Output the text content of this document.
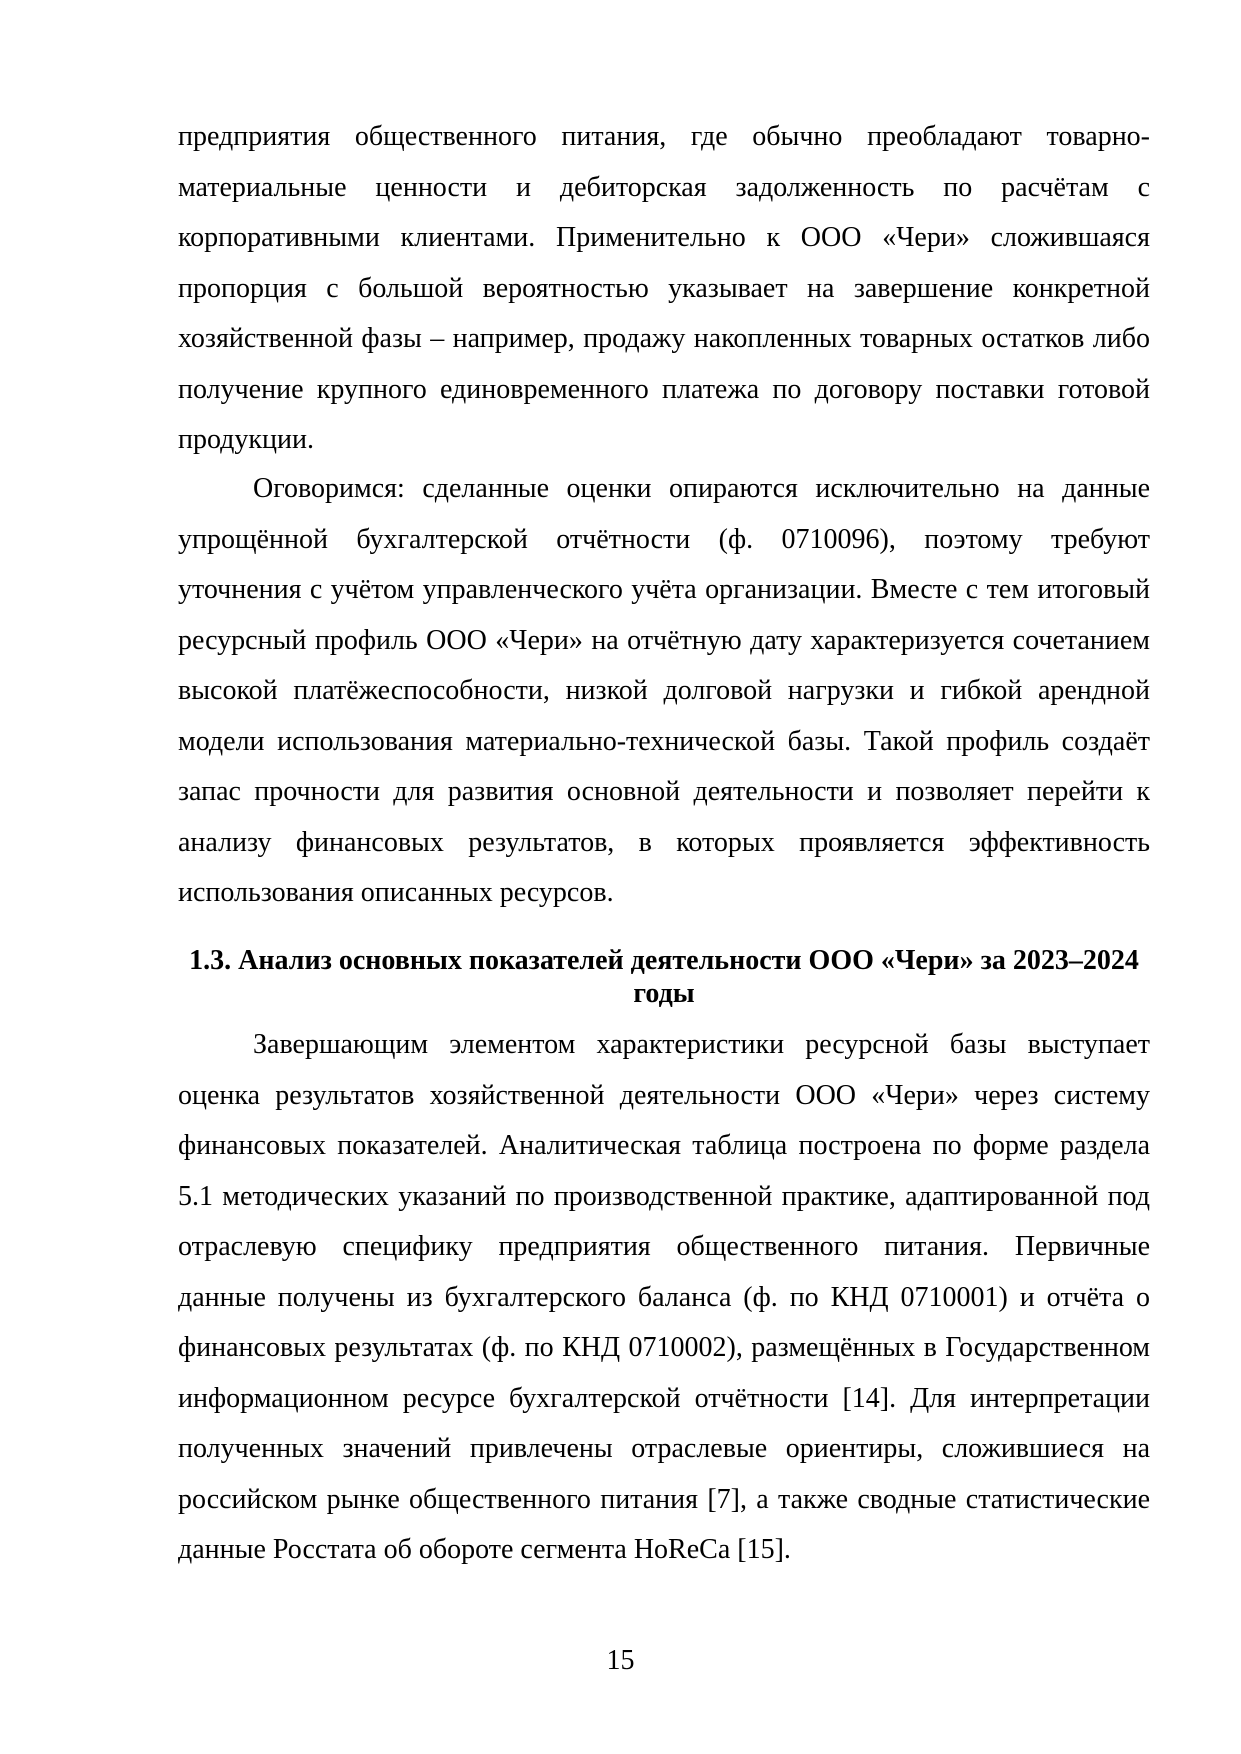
предприятия общественного питания, где обычно преобладают товарно-материальные ценности и дебиторская задолженность по расчётам с корпоративными клиентами. Применительно к ООО «Чери» сложившаяся пропорция с большой вероятностью указывает на завершение конкретной хозяйственной фазы – например, продажу накопленных товарных остатков либо получение крупного единовременного платежа по договору поставки готовой продукции.

Оговоримся: сделанные оценки опираются исключительно на данные упрощённой бухгалтерской отчётности (ф. 0710096), поэтому требуют уточнения с учётом управленческого учёта организации. Вместе с тем итоговый ресурсный профиль ООО «Чери» на отчётную дату характеризуется сочетанием высокой платёжеспособности, низкой долговой нагрузки и гибкой арендной модели использования материально-технической базы. Такой профиль создаёт запас прочности для развития основной деятельности и позволяет перейти к анализу финансовых результатов, в которых проявляется эффективность использования описанных ресурсов.

1.3. Анализ основных показателей деятельности ООО «Чери» за 2023–2024 годы

Завершающим элементом характеристики ресурсной базы выступает оценка результатов хозяйственной деятельности ООО «Чери» через систему финансовых показателей. Аналитическая таблица построена по форме раздела 5.1 методических указаний по производственной практике, адаптированной под отраслевую специфику предприятия общественного питания. Первичные данные получены из бухгалтерского баланса (ф. по КНД 0710001) и отчёта о финансовых результатах (ф. по КНД 0710002), размещённых в Государственном информационном ресурсе бухгалтерской отчётности [14]. Для интерпретации полученных значений привлечены отраслевые ориентиры, сложившиеся на российском рынке общественного питания [7], а также сводные статистические данные Росстата об обороте сегмента HoReCa [15].

15
